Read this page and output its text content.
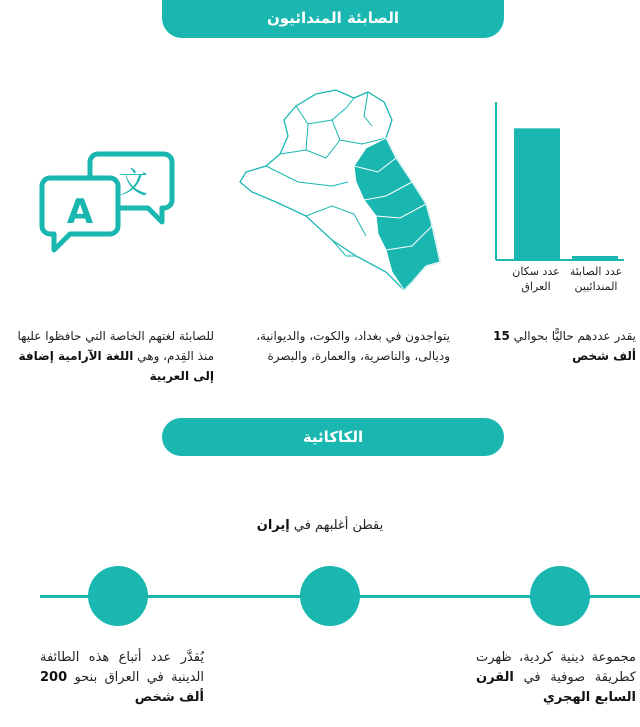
الصابئة المندائيون
文
A
عدد سكان العراق
عدد الصابئة المندائيين
يقدر عددهم حاليًّا بحوالي 15 ألف شخص
يتواجدون في بغداد، والكوت، والديوانية، وديالى، والناصرية، والعمارة، والبصرة
للصابئة لغتهم الخاصة التي حافظوا عليها منذ القِدم، وهي اللغة الآرامية إضافة إلى العربية
الكاكائية
يقطن أغلبهم في إيران
مجموعة دينية كردية، ظهرت كطريقة صوفية في القرن السابع الهجري
يُقدَّر عدد أتباع هذه الطائفة الدينية في العراق بنحو 200 ألف شخص
